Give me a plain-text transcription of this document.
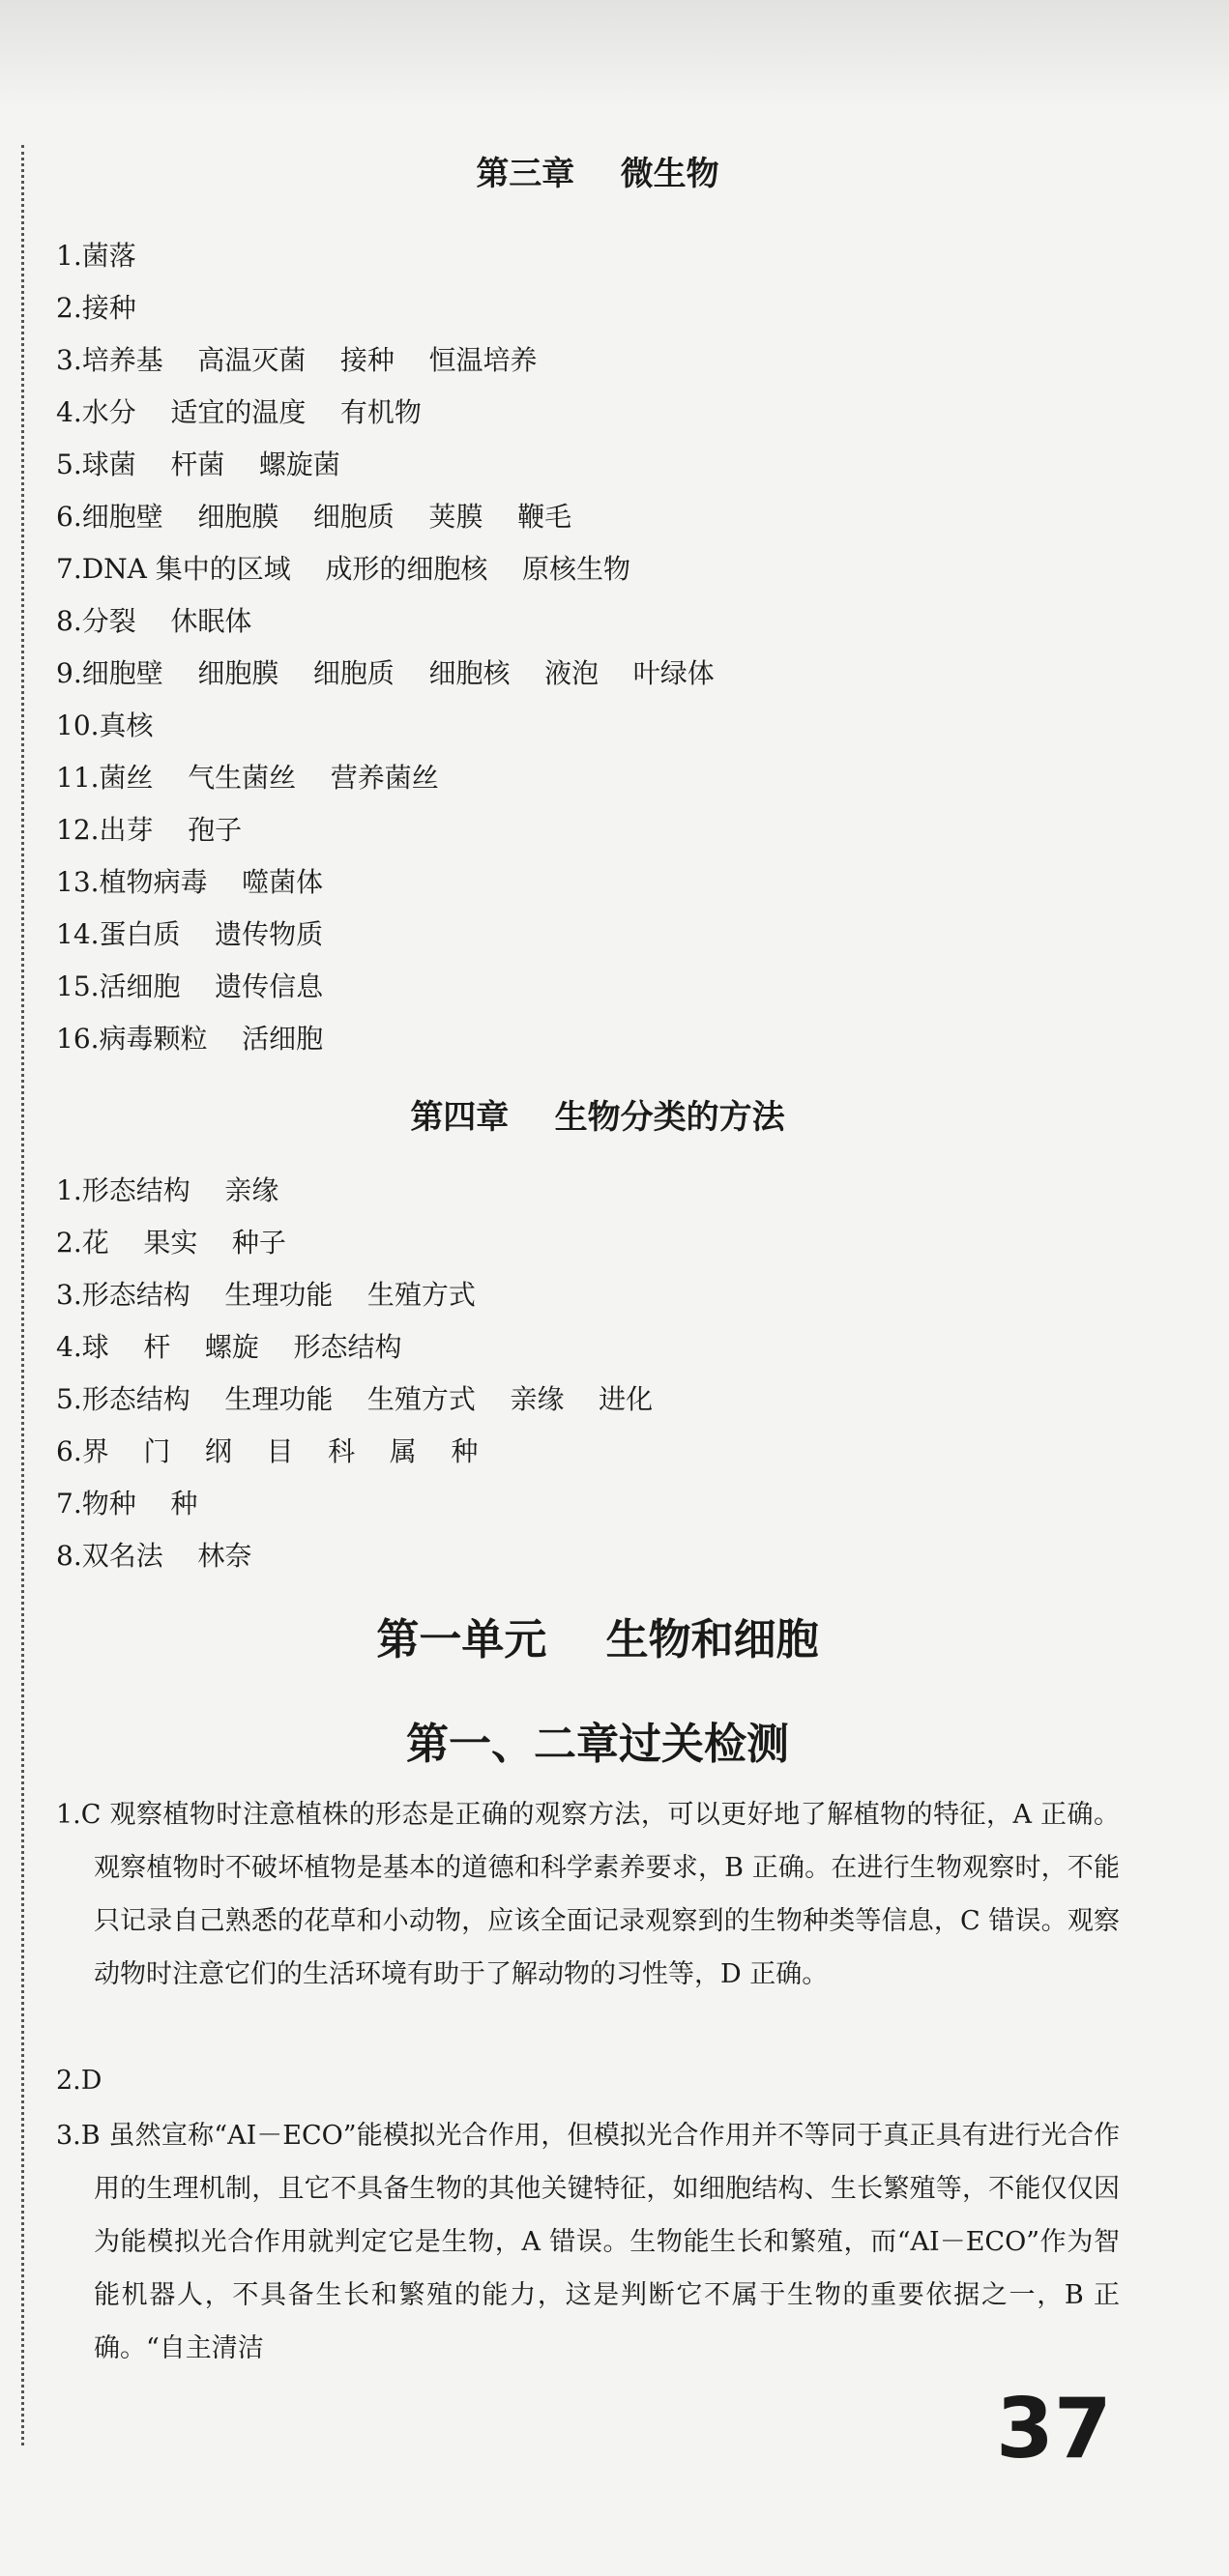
第三章    微生物
1.菌落
2.接种
3.培养基    高温灭菌    接种    恒温培养
4.水分    适宜的温度    有机物
5.球菌    杆菌    螺旋菌
6.细胞壁    细胞膜    细胞质    荚膜    鞭毛
7.DNA 集中的区域    成形的细胞核    原核生物
8.分裂    休眠体
9.细胞壁    细胞膜    细胞质    细胞核    液泡    叶绿体
10.真核
11.菌丝    气生菌丝    营养菌丝
12.出芽    孢子
13.植物病毒    噬菌体
14.蛋白质    遗传物质
15.活细胞    遗传信息
16.病毒颗粒    活细胞
第四章    生物分类的方法
1.形态结构    亲缘
2.花    果实    种子
3.形态结构    生理功能    生殖方式
4.球    杆    螺旋    形态结构
5.形态结构    生理功能    生殖方式    亲缘    进化
6.界    门    纲    目    科    属    种
7.物种    种
8.双名法    林奈
第一单元    生物和细胞
第一、二章过关检测

1.C 观察植物时注意植株的形态是正确的观察方法，可以更好地了解植物的特征，A 正确。观察植物时不破坏植物是基本的道德和科学素养要求，B 正确。在进行生物观察时，不能只记录自己熟悉的花草和小动物，应该全面记录观察到的生物种类等信息，C 错误。观察动物时注意它们的生活环境有助于了解动物的习性等，D 正确。

2.D

3.B 虽然宣称“AI－ECO”能模拟光合作用，但模拟光合作用并不等同于真正具有进行光合作用的生理机制，且它不具备生物的其他关键特征，如细胞结构、生长繁殖等，不能仅仅因为能模拟光合作用就判定它是生物，A 错误。生物能生长和繁殖，而“AI－ECO”作为智能机器人，不具备生长和繁殖的能力，这是判断它不属于生物的重要依据之一，B 正确。“自主清洁

37
